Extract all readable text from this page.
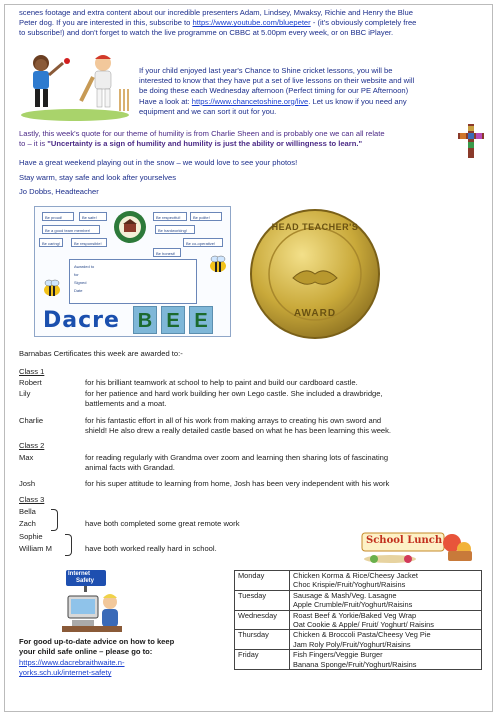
scenes footage and extra content about our incredible presenters Adam, Lindsey, Mwaksy, Richie and Henry the Blue
Peter dog. If you are interested in this, subscribe to https://www.youtube.com/bluepeter - (it's obviously completely free
to subscribe!) and don't forget to watch the live programme on CBBC at 5.00pm every week, or on BBC iPlayer.
If your child enjoyed last year's Chance to Shine cricket lessons, you will be
interested to know that they have put a set of live lessons on their website and will
be doing these each Wednesday afternoon (Perfect timing for our PE Afternoon)
Have a look at: https://www.chancetoshine.org/live. Let us know if you need any
equipment and we can sort it out for you.
Lastly, this week's quote for our theme of humility is from Charlie Sheen and is probably one we can all relate
to – it is "Uncertainty is a sign of humility and humility is just the ability or willingness to learn."
Have a great weekend playing out in the snow – we would love to see your photos!
Stay warm, stay safe and look after yourselves
Jo Dobbs, Headteacher
Be proud!	Be safe!	Be respectful!	Be polite!
Be a good team member!	Be hardworking!
Be caring!	Be responsible!	Be co-operative!
Be honest!
Awarded to
for
Signed
Date
Dacre B E E
HEAD TEACHER'S
AWARD
Barnabas Certificates this week are awarded to:-
Class 1
Robert	for his brilliant teamwork at school to help to paint and build our cardboard castle.
Lily	for her patience and hard work building her own Lego castle. She included a drawbridge,
battlements and a moat.
Charlie	for his fantastic effort in all of his work from making arrays to creating his own sword and
shield! He also drew a really detailed castle based on what he has been learning this week.
Class 2
Max	for reading regularly with Grandma over zoom and learning then sharing lots of fascinating
animal facts with Grandad.
Josh	for his super attitude to learning from home, Josh has been very independent with his work
Class 3
Bella
Zach	have both completed some great remote work
Sophie
William M	have both worked really hard in school.
School Lunch
Internet
Safety
For good up-to-date advice on how to keep
your child safe online – please go to:
https://www.dacrebraithwaite.n-
yorks.sch.uk/internet-safety
Monday	Chicken Korma & Rice/Cheesy Jacket
Choc Krispie/Fruit/Yoghurt/Raisins

Tuesday	Sausage & Mash/Veg. Lasagne
Apple Crumble/Fruit/Yoghurt/Raisins

Wednesday	Roast Beef & Yorkie/Baked Veg Wrap
Oat Cookie & Apple/ Fruit/ Yoghurt/ Raisins

Thursday	Chicken & Broccoli Pasta/Cheesy Veg Pie
Jam Roly Poly/Fruit/Yoghurt/Raisins

Friday	Fish Fingers/Veggie Burger
Banana Sponge/Fruit/Yoghurt/Raisins
